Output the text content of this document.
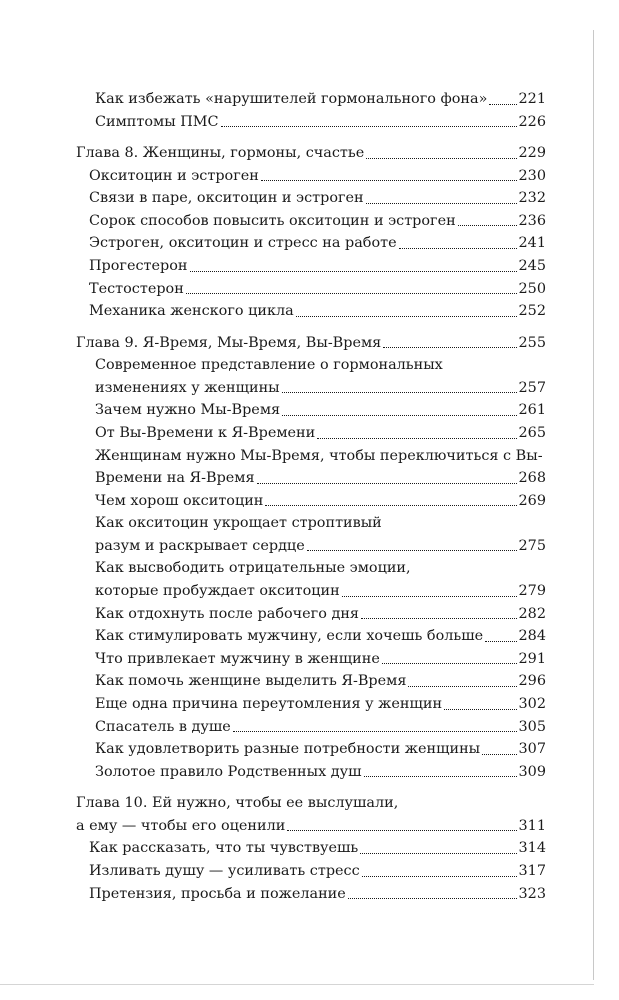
Как избежать «нарушителей гормонального фона» 221
Симптомы ПМС	226
Глава 8. Женщины, гормоны, счастье	229
Окситоцин и эстроген	230
Связи в паре, окситоцин и эстроген	232
Сорок способов повысить окситоцин и эстроген	236
Эстроген, окситоцин и стресс на работе	241
Прогестерон	245
Тестостерон	250
Механика женского цикла	252
Глава 9. Я-Время, Мы-Время, Вы-Время	255
Современное представление о гормональных
изменениях у женщины	257
Зачем нужно Мы-Время	261
От Вы-Времени к Я-Времени	265
Женщинам нужно Мы-Время, чтобы переключиться с Вы-
Времени на Я-Время	268
Чем хорош окситоцин	269
Как окситоцин укрощает строптивый
разум и раскрывает сердце	275
Как высвободить отрицательные эмоции,
которые пробуждает окситоцин	279
Как отдохнуть после рабочего дня	282
Как стимулировать мужчину, если хочешь больше 284
Что привлекает мужчину в женщине	291
Как помочь женщине выделить Я-Время	296
Еще одна причина переутомления у женщин	302
Спасатель в душе	305
Как удовлетворить разные потребности женщины	307
Золотое правило Родственных душ	309
Глава 10. Ей нужно, чтобы ее выслушали,
а ему — чтобы его оценили	311
Как рассказать, что ты чувствуешь	314
Изливать душу — усиливать стресс	317
Претензия, просьба и пожелание	323
